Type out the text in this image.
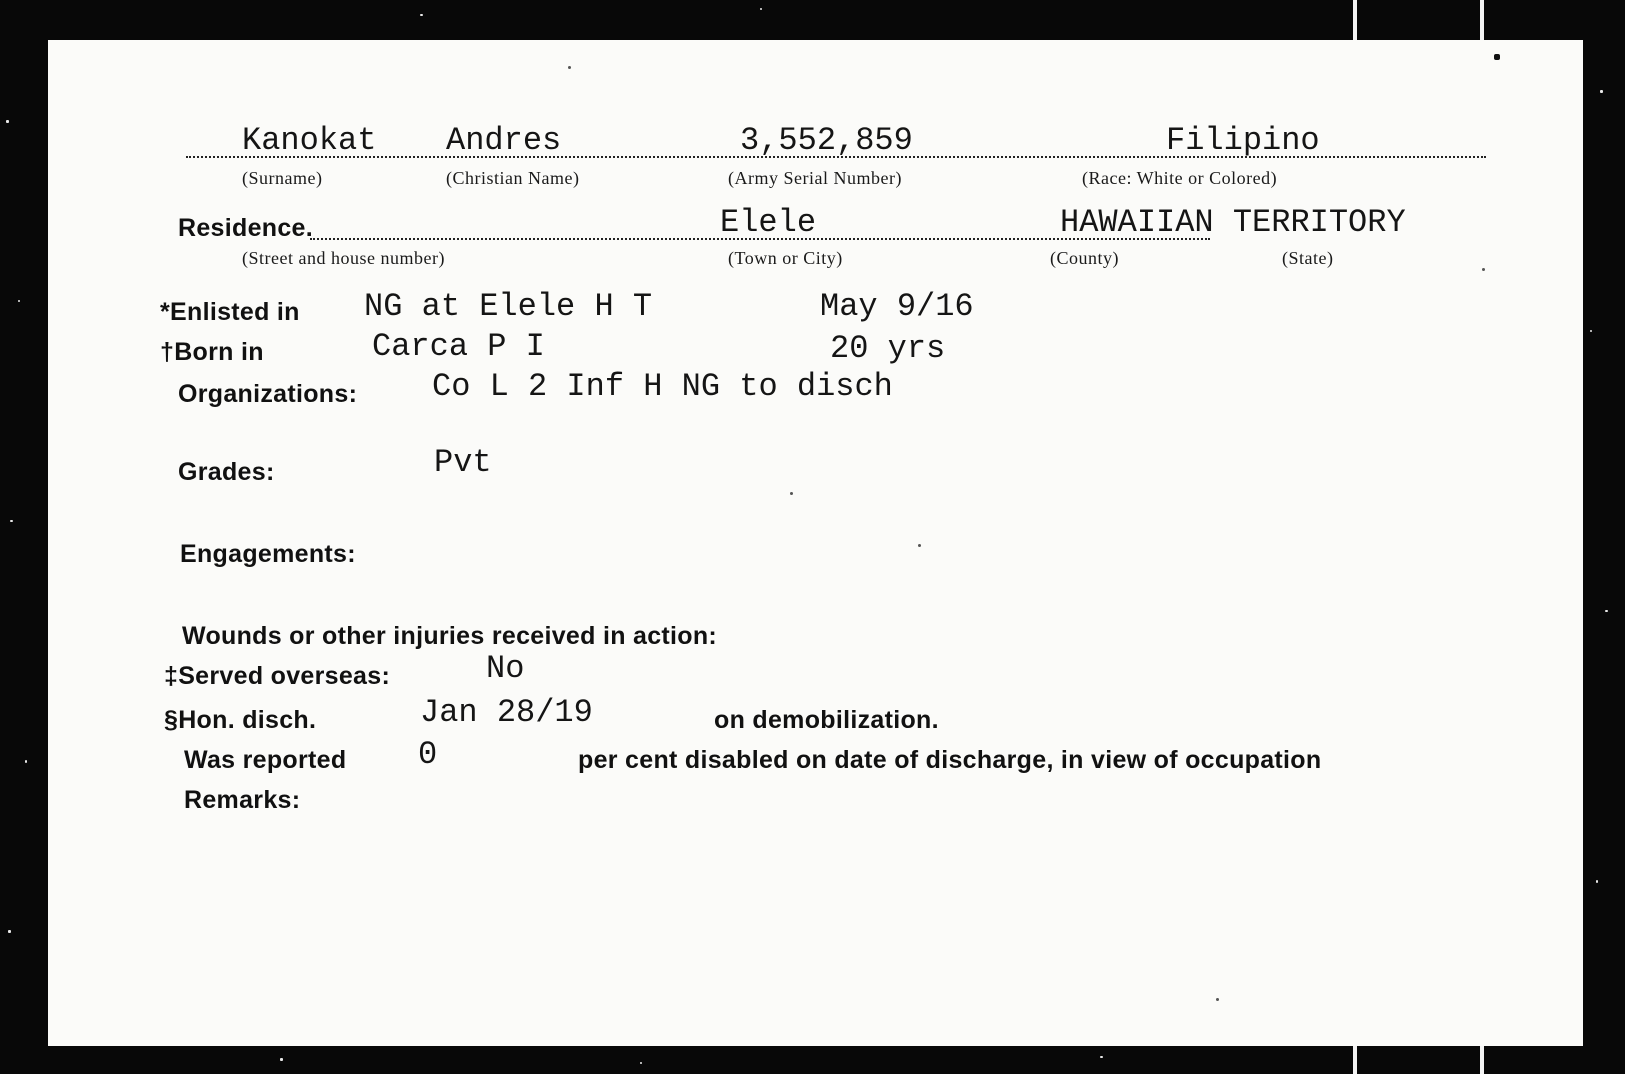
Kanokat Andres	3,552,859	Filipino
(Surname)	(Christian Name)	(Army Serial Number)	(Race: White or Colored)
Residence.	Elele	HAWAIIAN TERRITORY
(Street and house number)	(Town or City)	(County)	(State)
*Enlisted in NG at Elele H T	May 9/16
†Born in	Carca P I	20 yrs
Organizations: Co L 2 Inf H NG to disch
Grades:	Pvt
Engagements:
Wounds or other injuries received in action:
‡Served overseas:	No
§Hon. disch.	Jan 28/19	on demobilization.
Was reported 0	per cent disabled on date of discharge, in view of occupation
Remarks:
